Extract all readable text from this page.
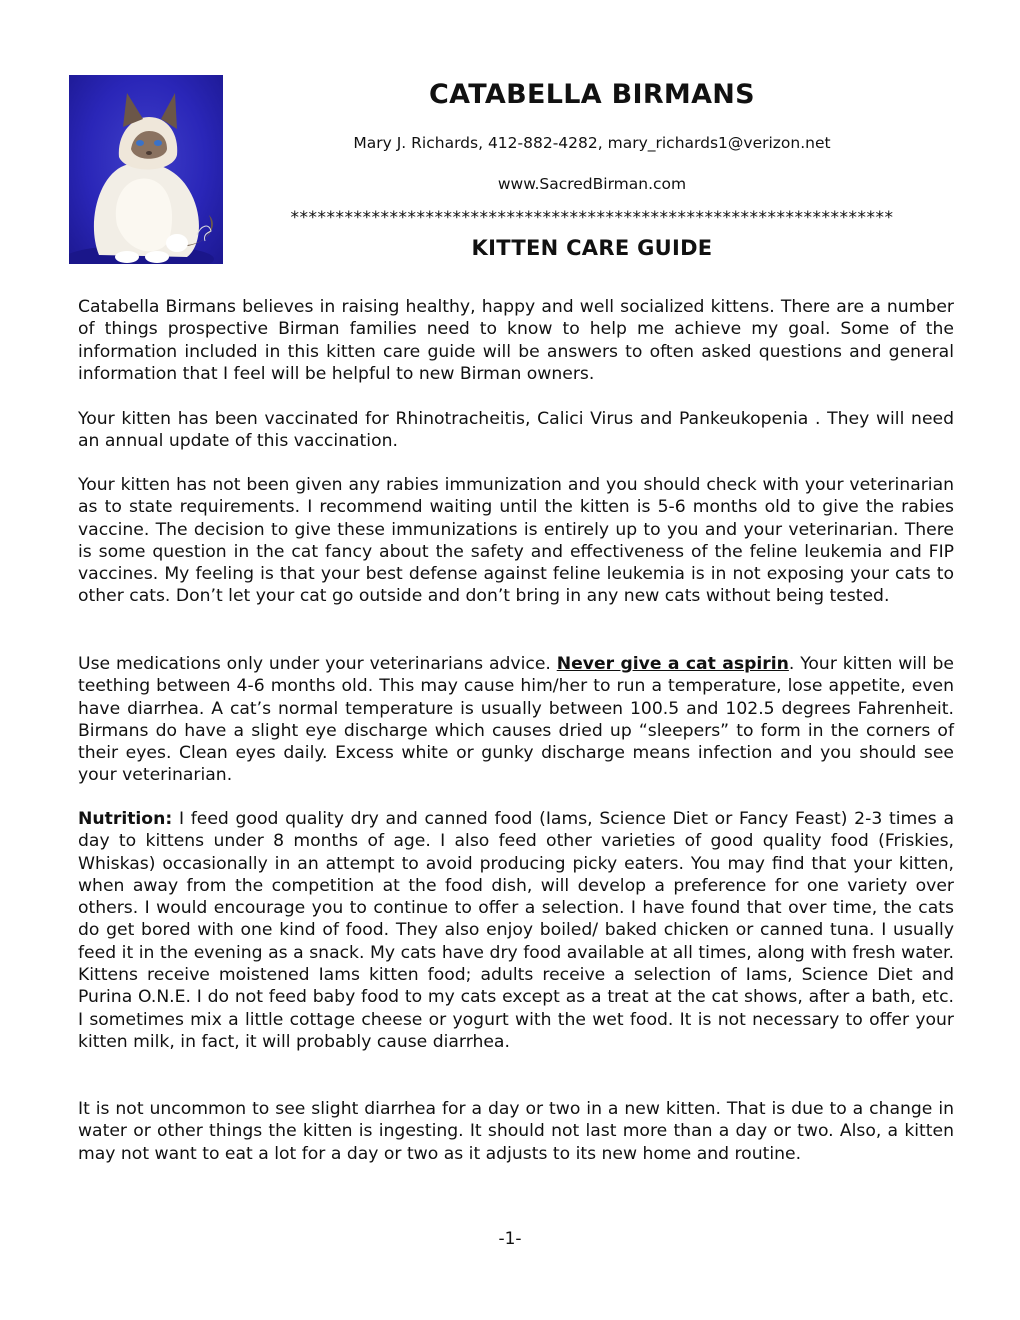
CATABELLA BIRMANS
Mary J. Richards, 412-882-4282, mary_richards1@verizon.net
www.SacredBirman.com
*******************************************************************
KITTEN CARE GUIDE

Catabella Birmans believes in raising healthy, happy and well socialized kittens. There are a number of things prospective Birman families need to know to help me achieve my goal. Some of the information included in this kitten care guide will be answers to often asked questions and general information that I feel will be helpful to new Birman owners.

Your kitten has been vaccinated for Rhinotracheitis, Calici Virus and Pankeukopenia . They will need an annual update of this vaccination.

Your kitten has not been given any rabies immunization and you should check with your veterinarian as to state requirements. I recommend waiting until the kitten is 5-6 months old to give the rabies vaccine. The decision to give these immunizations is entirely up to you and your veterinarian. There is some question in the cat fancy about the safety and effectiveness of the feline leukemia and FIP vaccines. My feeling is that your best defense against feline leukemia is in not exposing your cats to other cats. Don’t let your cat go outside and don’t bring in any new cats without being tested.

Use medications only under your veterinarians advice. Never give a cat aspirin. Your kitten will be teething between 4-6 months old. This may cause him/her to run a temperature, lose appetite, even have diarrhea. A cat’s normal temperature is usually between 100.5 and 102.5 degrees Fahrenheit. Birmans do have a slight eye discharge which causes dried up “sleepers” to form in the corners of their eyes. Clean eyes daily. Excess white or gunky discharge means infection and you should see your veterinarian.

Nutrition: I feed good quality dry and canned food (Iams, Science Diet or Fancy Feast) 2-3 times a day to kittens under 8 months of age. I also feed other varieties of good quality food (Friskies, Whiskas) occasionally in an attempt to avoid producing picky eaters. You may find that your kitten, when away from the competition at the food dish, will develop a preference for one variety over others. I would encourage you to continue to offer a selection. I have found that over time, the cats do get bored with one kind of food. They also enjoy boiled/ baked chicken or canned tuna. I usually feed it in the evening as a snack. My cats have dry food available at all times, along with fresh water. Kittens receive moistened Iams kitten food; adults receive a selection of Iams, Science Diet and Purina O.N.E. I do not feed baby food to my cats except as a treat at the cat shows, after a bath, etc. I sometimes mix a little cottage cheese or yogurt with the wet food. It is not necessary to offer your kitten milk, in fact, it will probably cause diarrhea.

It is not uncommon to see slight diarrhea for a day or two in a new kitten. That is due to a change in water or other things the kitten is ingesting. It should not last more than a day or two. Also, a kitten may not want to eat a lot for a day or two as it adjusts to its new home and routine.

-1-
